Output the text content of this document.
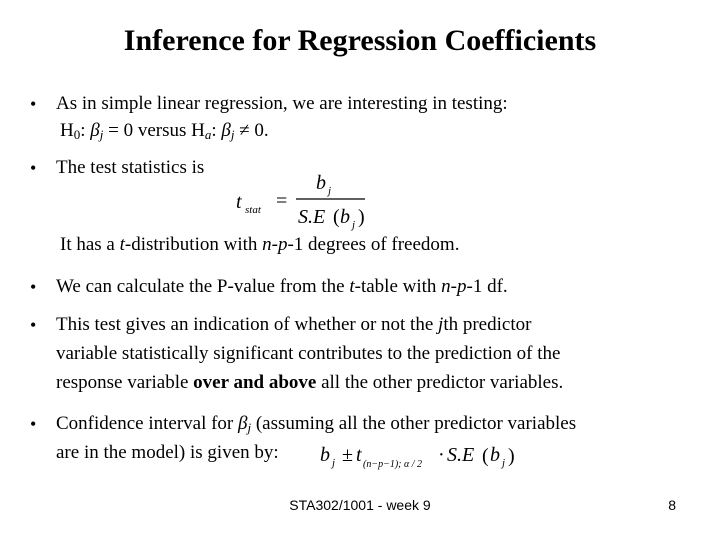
Inference for Regression Coefficients
• As in simple linear regression, we are interesting in testing:
$H_0$: $\beta_j = 0$ versus $H_a$: $\beta_j \ne 0$.
• The test statistics is
t stat =
b j
S.E ( b j )
It has a t-distribution with n-p-1 degrees of freedom.
• We can calculate the P-value from the t-table with n-p-1 df.
• This test gives an indication of whether or not the jth predictor
variable statistically significant contributes to the prediction of the
response variable over and above all the other predictor variables.
• Confidence interval for $\beta_j$ (assuming all the other predictor variables
are in the model) is given by: b j ± t (n−p−1); α / 2 · S.E ( b j )
STA302/1001 - week 9	8
